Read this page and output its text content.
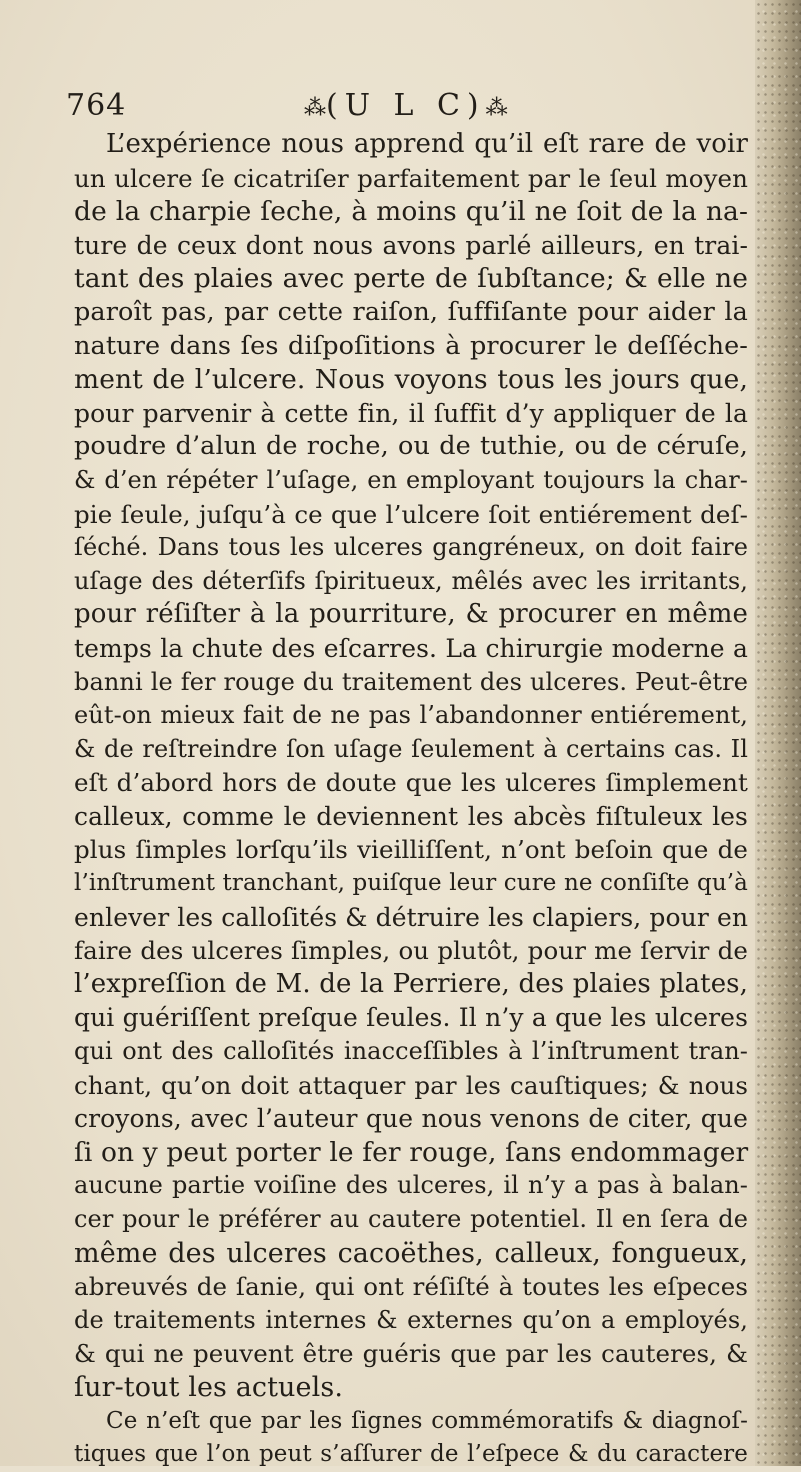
764	⁂(U L C)⁂
L’expérience nous apprend qu’il eſt rare de voir
un ulcere ſe cicatriſer parfaitement par le ſeul moyen
de la charpie ſeche, à moins qu’il ne ſoit de la na-
ture de ceux dont nous avons parlé ailleurs, en trai-
tant des plaies avec perte de ſubſtance; & elle ne
paroît pas, par cette raiſon, ſuffiſante pour aider la
nature dans ſes diſpoſitions à procurer le deſſéche-
ment de l’ulcere. Nous voyons tous les jours que,
pour parvenir à cette fin, il ſuffit d’y appliquer de la
poudre d’alun de roche, ou de tuthie, ou de céruſe,
& d’en répéter l’uſage, en employant toujours la char-
pie ſeule, juſqu’à ce que l’ulcere ſoit entiérement deſ-
ſéché. Dans tous les ulceres gangréneux, on doit faire
uſage des déterſifs ſpiritueux, mêlés avec les irritants,
pour réſiſter à la pourriture, & procurer en même
temps la chute des eſcarres. La chirurgie moderne a
banni le fer rouge du traitement des ulceres. Peut-être
eût-on mieux fait de ne pas l’abandonner entiérement,
& de reſtreindre ſon uſage ſeulement à certains cas. Il
eſt d’abord hors de doute que les ulceres ſimplement
calleux, comme le deviennent les abcès fiſtuleux les
plus ſimples lorſqu’ils vieilliſſent, n’ont beſoin que de
l’inſtrument tranchant, puiſque leur cure ne conſiſte qu’à
enlever les calloſités & détruire les clapiers, pour en
faire des ulceres ſimples, ou plutôt, pour me ſervir de
l’expreſſion de M. de la Perriere, des plaies plates,
qui guériſſent preſque ſeules. Il n’y a que les ulceres
qui ont des calloſités inacceſſibles à l’inſtrument tran-
chant, qu’on doit attaquer par les cauſtiques; & nous
croyons, avec l’auteur que nous venons de citer, que
ſi on y peut porter le fer rouge, ſans endommager
aucune partie voiſine des ulceres, il n’y a pas à balan-
cer pour le préférer au cautere potentiel. Il en ſera de
même des ulceres cacoëthes, calleux, fongueux,
abreuvés de ſanie, qui ont réſiſté à toutes les eſpeces
de traitements internes & externes qu’on a employés,
& qui ne peuvent être guéris que par les cauteres, &
ſur-tout les actuels.
Ce n’eſt que par les ſignes commémoratifs & diagnoſ-
tiques que l’on peut s’aſſurer de l’eſpece & du caractere
